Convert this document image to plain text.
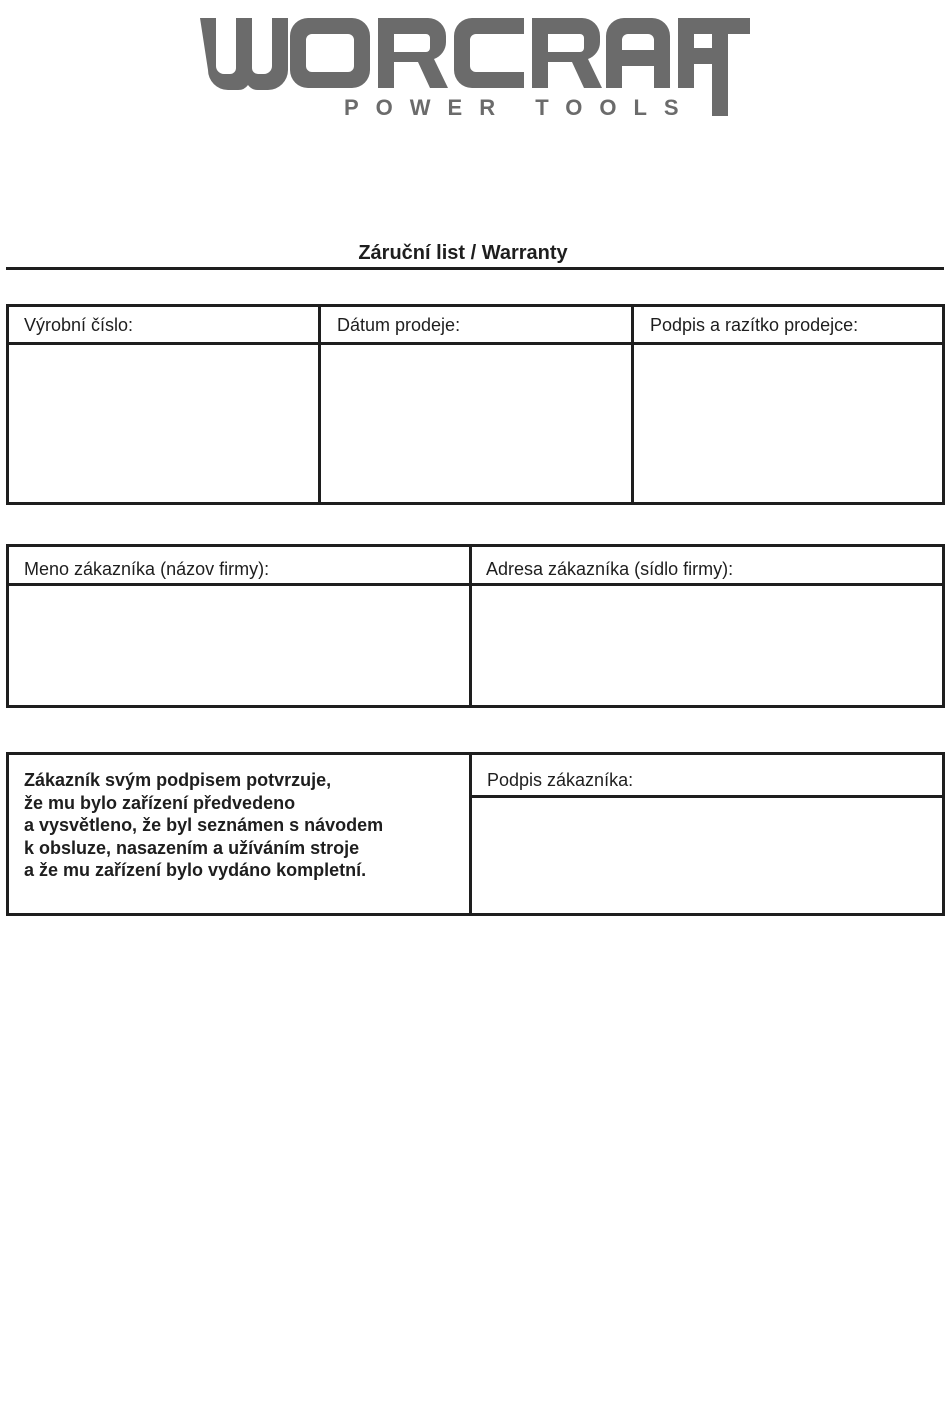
POWER TOOLS
Záruční list / Warranty
Výrobní číslo:	Dátum prodeje:	Podpis a razítko prodejce:
Meno zákazníka (názov firmy):	Adresa zákazníka (sídlo firmy):
Zákazník svým podpisem potvrzuje,
že mu bylo zařízení předvedeno
a vysvětleno, že byl seznámen s návodem
k obsluze, nasazením a užíváním stroje
a že mu zařízení bylo vydáno kompletní.
Podpis zákazníka:
